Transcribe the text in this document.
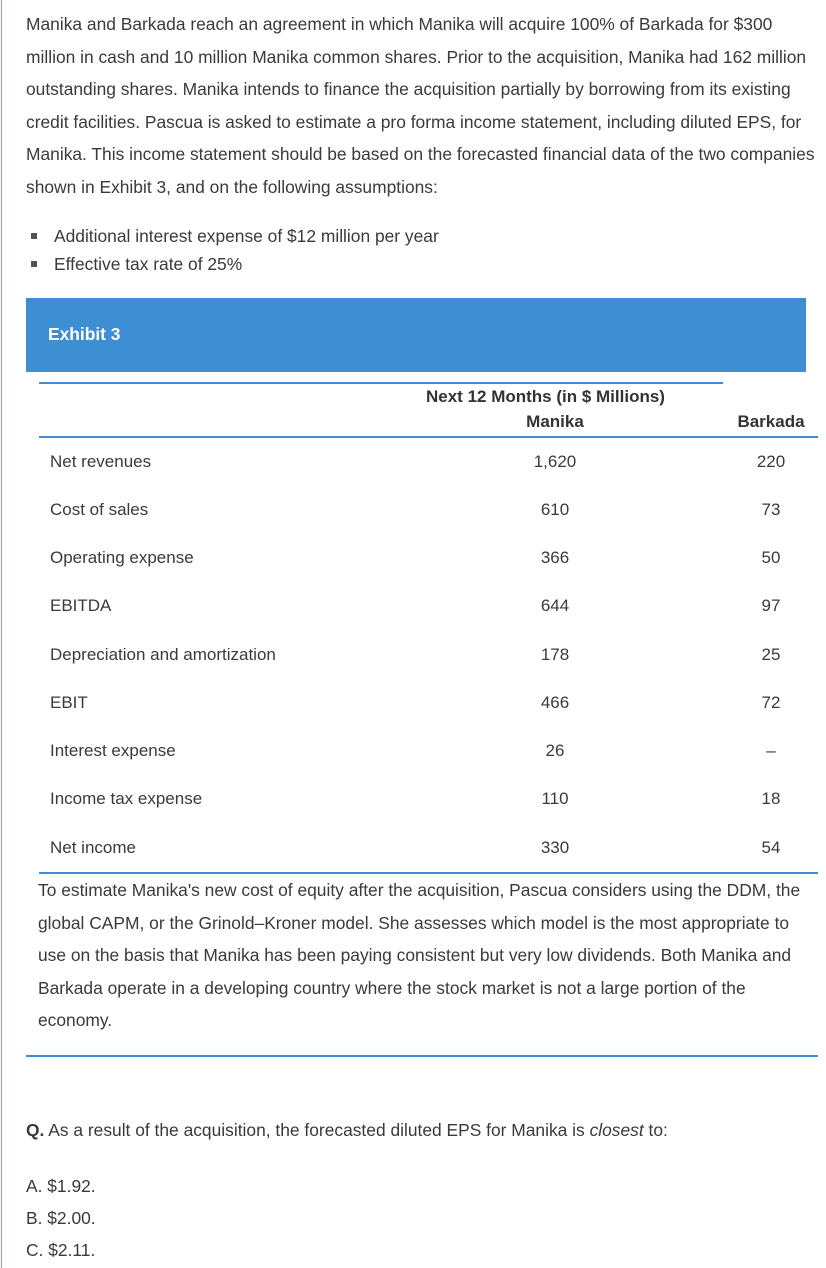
Manika and Barkada reach an agreement in which Manika will acquire 100% of Barkada for $300 million in cash and 10 million Manika common shares. Prior to the acquisition, Manika had 162 million outstanding shares. Manika intends to finance the acquisition partially by borrowing from its existing credit facilities. Pascua is asked to estimate a pro forma income statement, including diluted EPS, for Manika. This income statement should be based on the forecasted financial data of the two companies shown in Exhibit 3, and on the following assumptions:
Additional interest expense of $12 million per year
Effective tax rate of 25%
Exhibit 3
Next 12 Months (in $ Millions)
Manika	Barkada
Net revenues	1,620	220
Cost of sales	610	73
Operating expense	366	50
EBITDA	644	97
Depreciation and amortization	178	25
EBIT	466	72
Interest expense	26	–
Income tax expense	110	18
Net income	330	54
To estimate Manika's new cost of equity after the acquisition, Pascua considers using the DDM, the global CAPM, or the Grinold–Kroner model. She assesses which model is the most appropriate to use on the basis that Manika has been paying consistent but very low dividends. Both Manika and Barkada operate in a developing country where the stock market is not a large portion of the economy.
Q. As a result of the acquisition, the forecasted diluted EPS for Manika is closest to:
A. $1.92.
B. $2.00.
C. $2.11.
